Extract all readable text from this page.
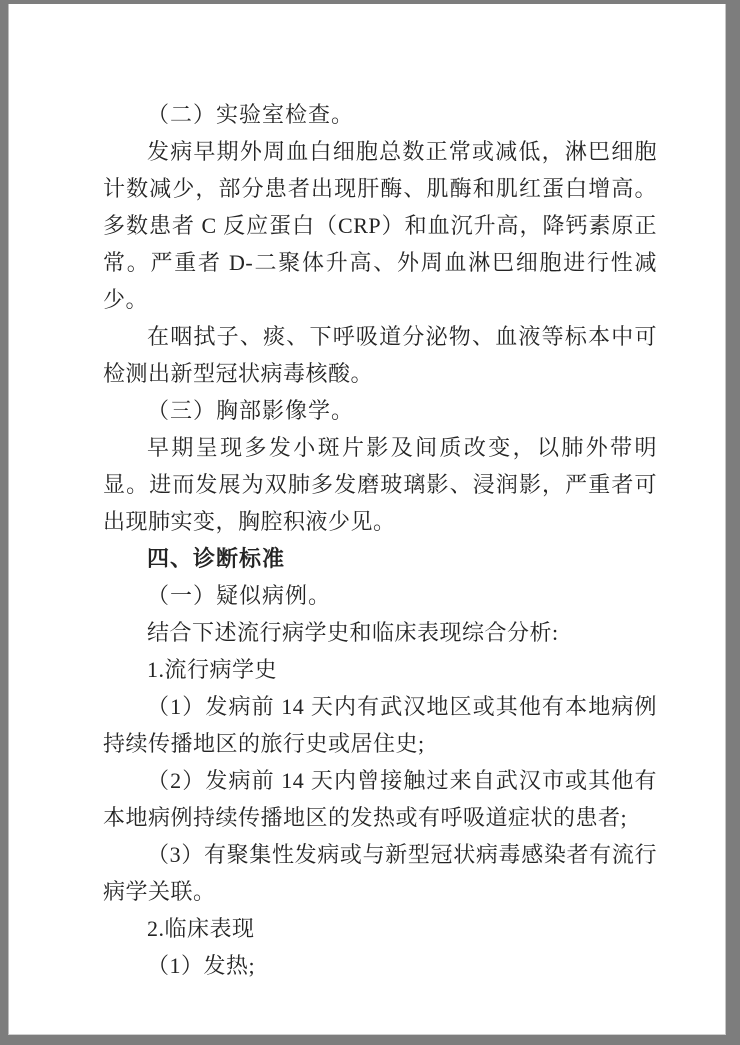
（二）实验室检查。

发病早期外周血白细胞总数正常或减低，淋巴细胞计数减少，部分患者出现肝酶、肌酶和肌红蛋白增高。多数患者 C 反应蛋白（CRP）和血沉升高，降钙素原正常。严重者 D-二聚体升高、外周血淋巴细胞进行性减少。

在咽拭子、痰、下呼吸道分泌物、血液等标本中可检测出新型冠状病毒核酸。

（三）胸部影像学。

早期呈现多发小斑片影及间质改变，以肺外带明显。进而发展为双肺多发磨玻璃影、浸润影，严重者可出现肺实变，胸腔积液少见。

四、诊断标准

（一）疑似病例。

结合下述流行病学史和临床表现综合分析:

1.流行病学史

（1）发病前 14 天内有武汉地区或其他有本地病例持续传播地区的旅行史或居住史;

（2）发病前 14 天内曾接触过来自武汉市或其他有本地病例持续传播地区的发热或有呼吸道症状的患者;

（3）有聚集性发病或与新型冠状病毒感染者有流行病学关联。

2.临床表现

（1）发热;
